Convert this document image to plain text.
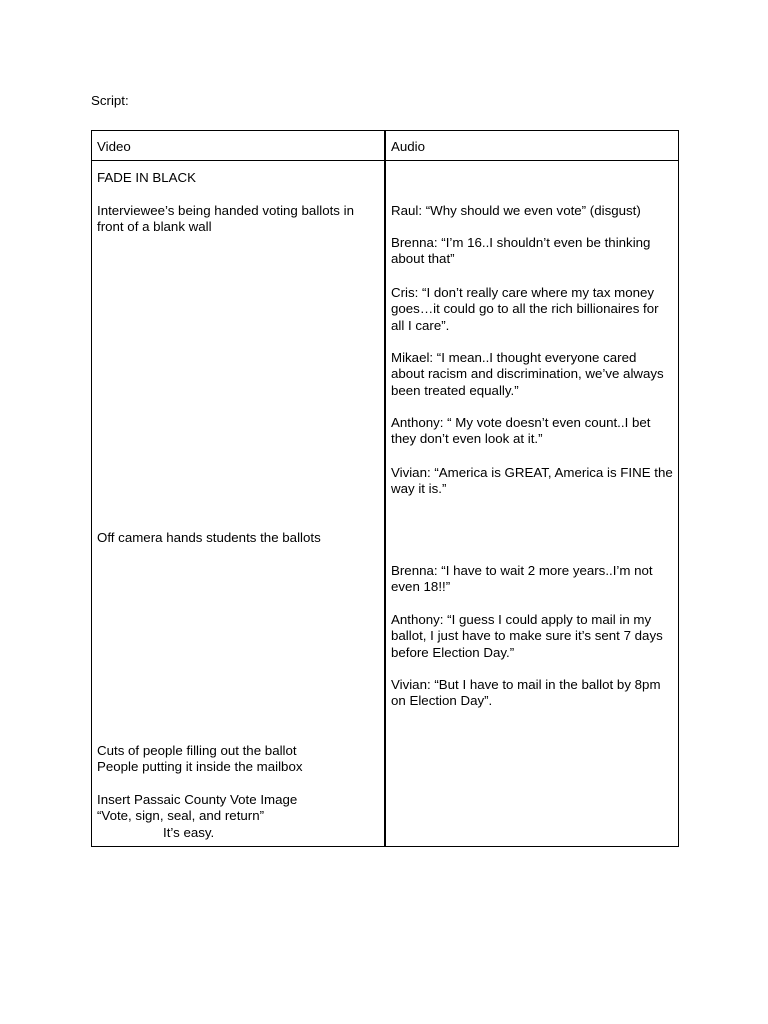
Script:

Video	Audio
FADE IN BLACK
Interviewee’s being handed voting ballots in front of a blank wall
Off camera hands students the ballots
Cuts of people filling out the ballot
People putting it inside the mailbox
Insert Passaic County Vote Image
“Vote, sign, seal, and return”
It’s easy.
Raul: “Why should we even vote” (disgust)
Brenna: “I’m 16..I shouldn’t even be thinking about that”
Cris: “I don’t really care where my tax money goes…it could go to all the rich billionaires for all I care”.
Mikael: “I mean..I thought everyone cared about racism and discrimination, we’ve always been treated equally.”
Anthony: “ My vote doesn’t even count..I bet they don’t even look at it.”
Vivian: “America is GREAT, America is FINE the way it is.”
Brenna: “I have to wait 2 more years..I’m not even 18!!”
Anthony: “I guess I could apply to mail in my ballot, I just have to make sure it’s sent 7 days before Election Day.”
Vivian: “But I have to mail in the ballot by 8pm on Election Day”.
